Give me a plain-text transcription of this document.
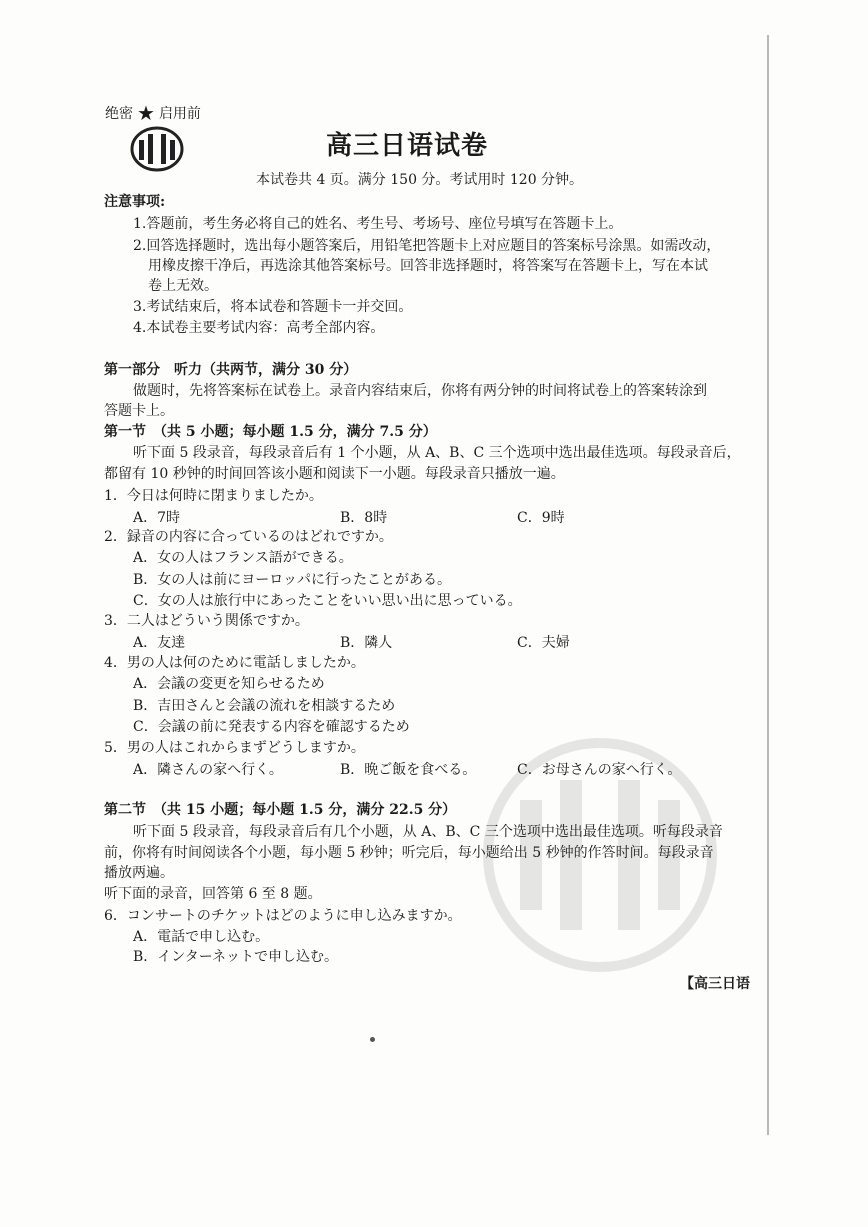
绝密 ★ 启用前
高三日语试卷
本试卷共 4 页。满分 150 分。考试用时 120 分钟。
注意事项:
1.答题前，考生务必将自己的姓名、考生号、考场号、座位号填写在答题卡上。
2.回答选择题时，选出每小题答案后，用铅笔把答题卡上对应题目的答案标号涂黑。如需改动，
用橡皮擦干净后，再选涂其他答案标号。回答非选择题时，将答案写在答题卡上，写在本试
卷上无效。
3.考试结束后，将本试卷和答题卡一并交回。
4.本试卷主要考试内容：高考全部内容。
第一部分　听力（共两节，满分 30 分）
做题时，先将答案标在试卷上。录音内容结束后，你将有两分钟的时间将试卷上的答案转涂到
答题卡上。
第一节　（共 5 小题；每小题 1.5 分，满分 7.5 分）
听下面 5 段录音，每段录音后有 1 个小题，从 A、B、C 三个选项中选出最佳选项。每段录音后，
都留有 10 秒钟的时间回答该小题和阅读下一小题。每段录音只播放一遍。
1．今日は何時に閉まりましたか。
A．7時	B．8時	C．9時
2．録音の内容に合っているのはどれですか。
A．女の人はフランス語ができる。
B．女の人は前にヨーロッパに行ったことがある。
C．女の人は旅行中にあったことをいい思い出に思っている。
3．二人はどういう関係ですか。
A．友達	B．隣人	C．夫婦
4．男の人は何のために電話しましたか。
A．会議の変更を知らせるため
B．吉田さんと会議の流れを相談するため
C．会議の前に発表する内容を確認するため
5．男の人はこれからまずどうしますか。
A．隣さんの家へ行く。	B．晩ご飯を食べる。	C．お母さんの家へ行く。
第二节　（共 15 小题；每小题 1.5 分，满分 22.5 分）
听下面 5 段录音，每段录音后有几个小题，从 A、B、C 三个选项中选出最佳选项。听每段录音
前，你将有时间阅读各个小题，每小题 5 秒钟；听完后，每小题给出 5 秒钟的作答时间。每段录音
播放两遍。
听下面的录音，回答第 6 至 8 题。
6．コンサートのチケットはどのように申し込みますか。
A．電話で申し込む。
B．インターネットで申し込む。
【高三日语
